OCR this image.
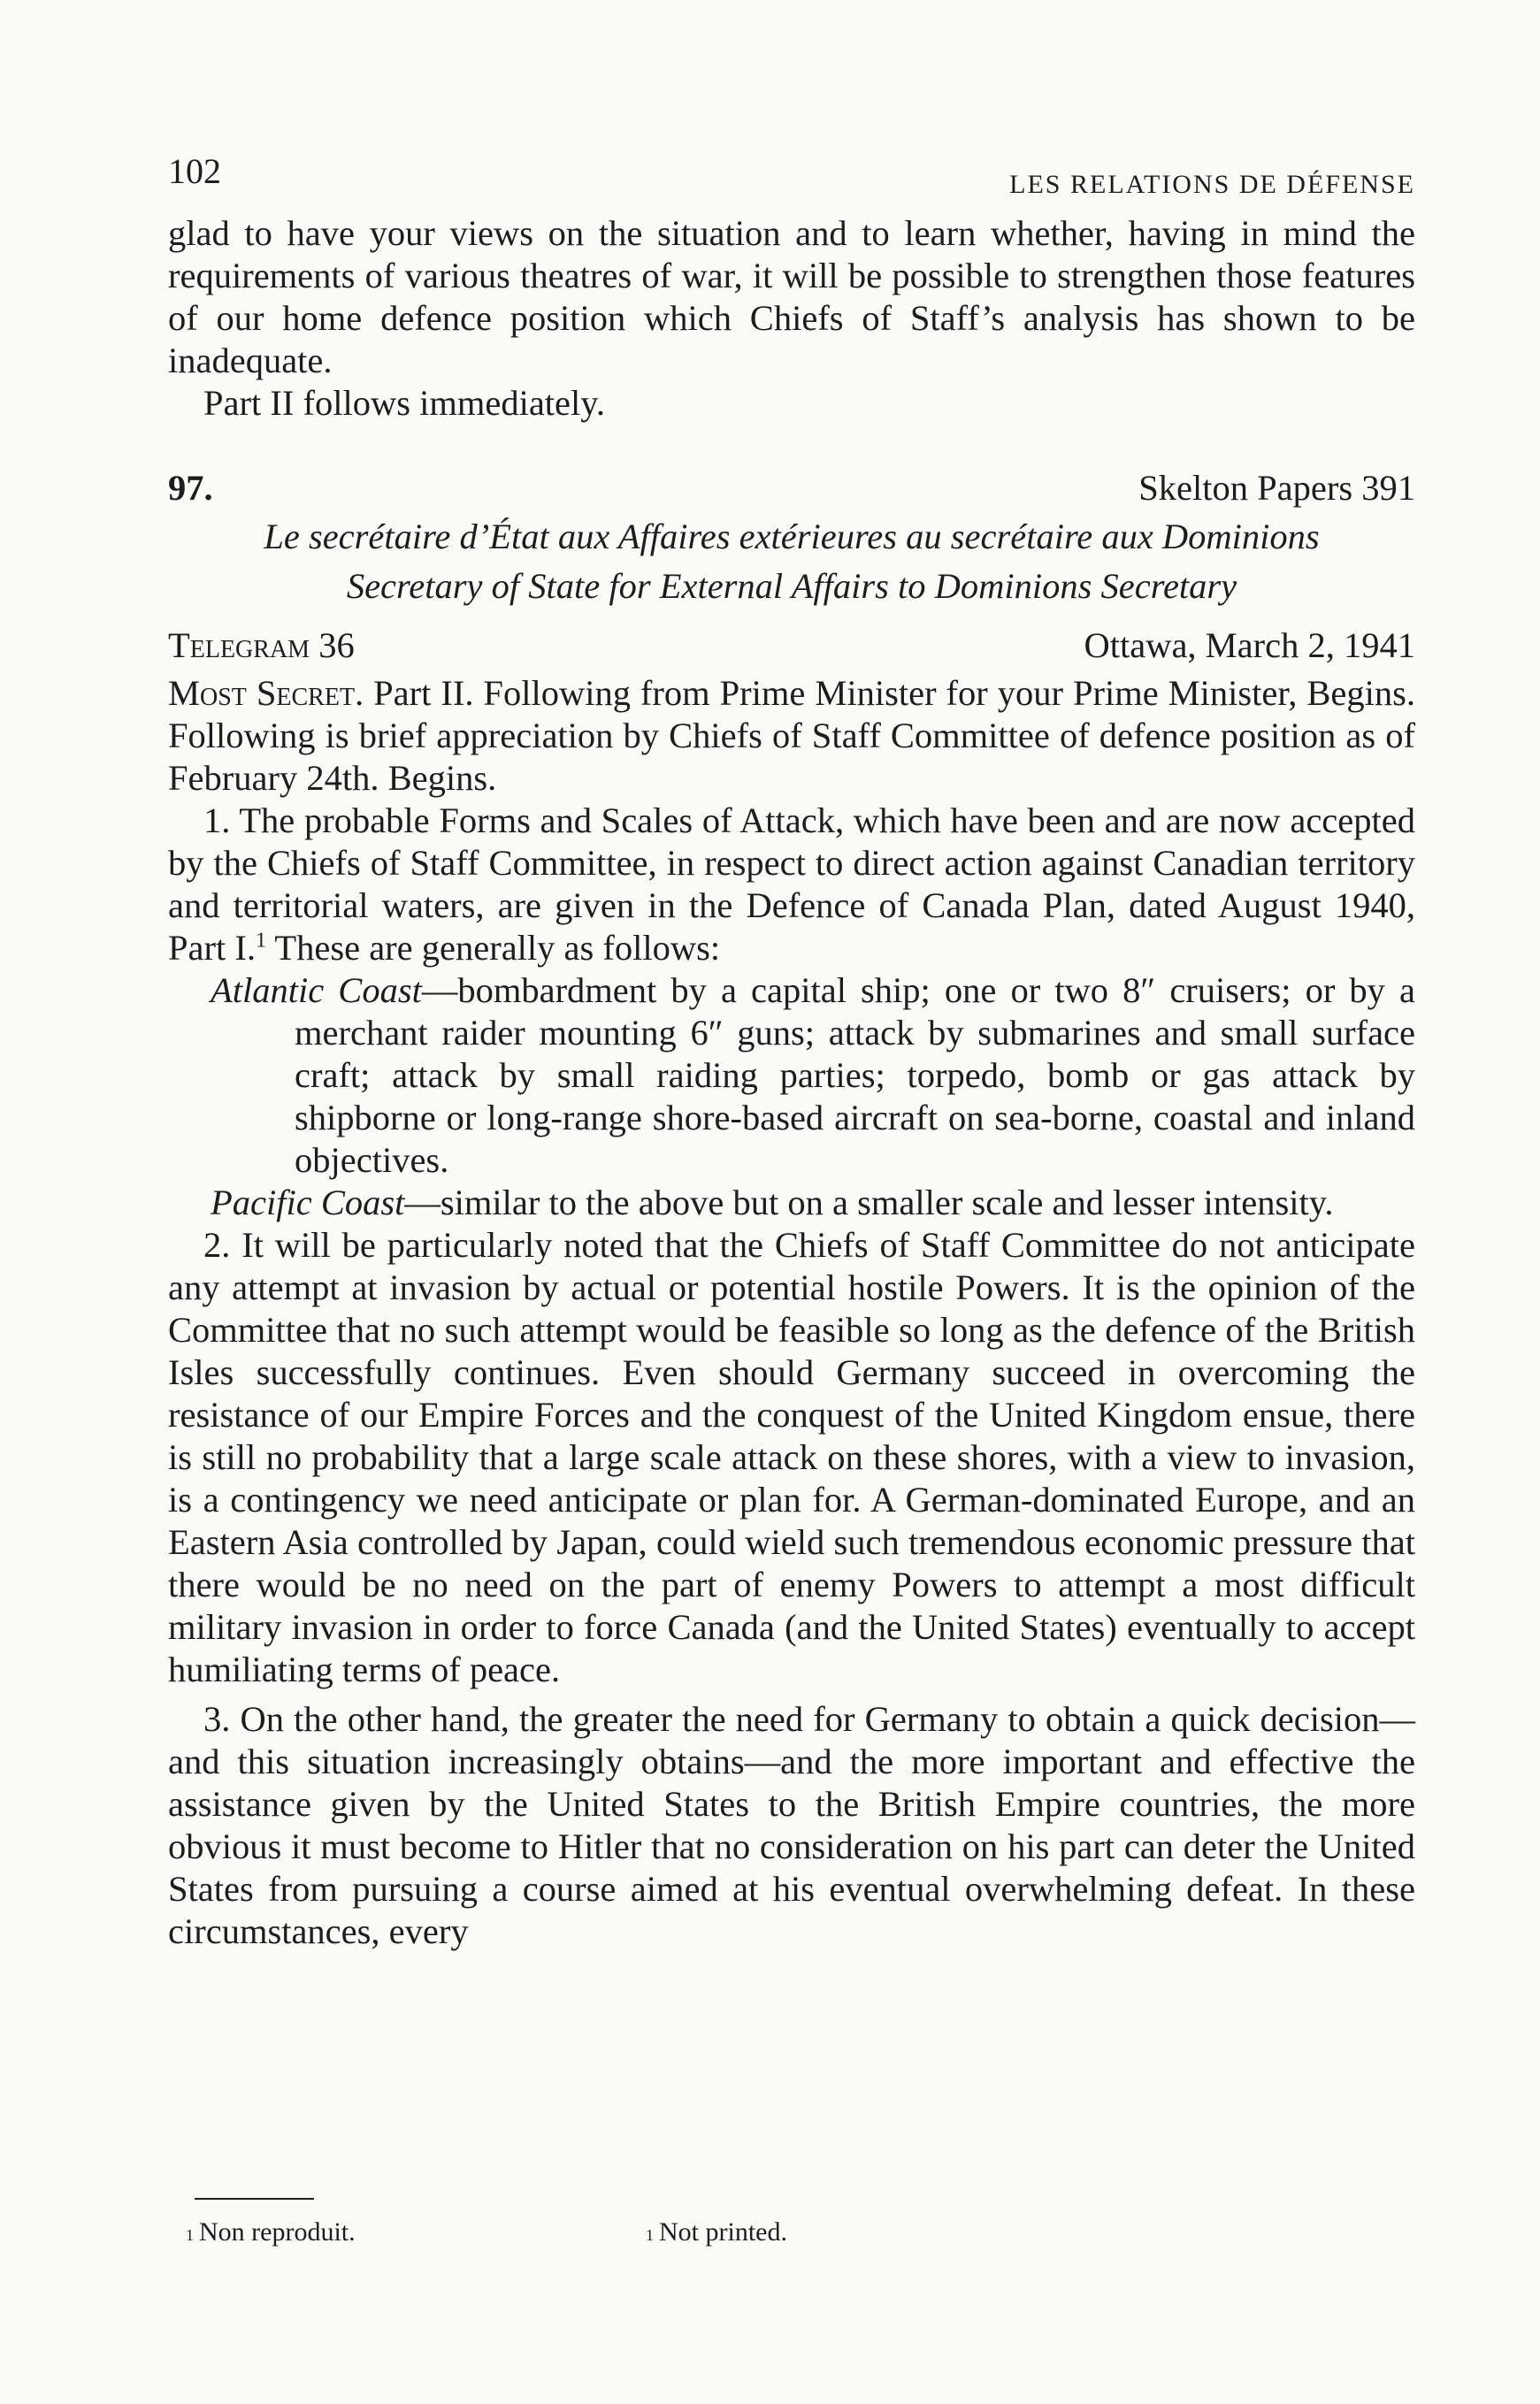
102	LES RELATIONS DE DÉFENSE

glad to have your views on the situation and to learn whether, having in mind the requirements of various theatres of war, it will be possible to strengthen those features of our home defence position which Chiefs of Staff’s analysis has shown to be inadequate.

Part II follows immediately.

97.	Skelton Papers 391

Le secrétaire d’État aux Affaires extérieures au secrétaire aux Dominions

Secretary of State for External Affairs to Dominions Secretary

Telegram 36	Ottawa, March 2, 1941

Most Secret. Part II. Following from Prime Minister for your Prime Minister, Begins. Following is brief appreciation by Chiefs of Staff Committee of defence position as of February 24th. Begins.

1. The probable Forms and Scales of Attack, which have been and are now accepted by the Chiefs of Staff Committee, in respect to direct action against Canadian territory and territorial waters, are given in the Defence of Canada Plan, dated August 1940, Part I.$^1$ These are generally as follows:

Atlantic Coast—bombardment by a capital ship; one or two 8″ cruisers; or by a merchant raider mounting 6″ guns; attack by submarines and small surface craft; attack by small raiding parties; torpedo, bomb or gas attack by shipborne or long-range shore-based aircraft on sea-borne, coastal and inland objectives.

Pacific Coast—similar to the above but on a smaller scale and lesser intensity.

2. It will be particularly noted that the Chiefs of Staff Committee do not anticipate any attempt at invasion by actual or potential hostile Powers. It is the opinion of the Committee that no such attempt would be feasible so long as the defence of the British Isles successfully continues. Even should Germany succeed in overcoming the resistance of our Empire Forces and the conquest of the United Kingdom ensue, there is still no probability that a large scale attack on these shores, with a view to invasion, is a contingency we need anticipate or plan for. A German-dominated Europe, and an Eastern Asia controlled by Japan, could wield such tremendous economic pressure that there would be no need on the part of enemy Powers to attempt a most difficult military invasion in order to force Canada (and the United States) eventually to accept humiliating terms of peace.

3. On the other hand, the greater the need for Germany to obtain a quick decision—and this situation increasingly obtains—and the more important and effective the assistance given by the United States to the British Empire countries, the more obvious it must become to Hitler that no consideration on his part can deter the United States from pursuing a course aimed at his eventual overwhelming defeat. In these circumstances, every

1 Non reproduit.	1 Not printed.
